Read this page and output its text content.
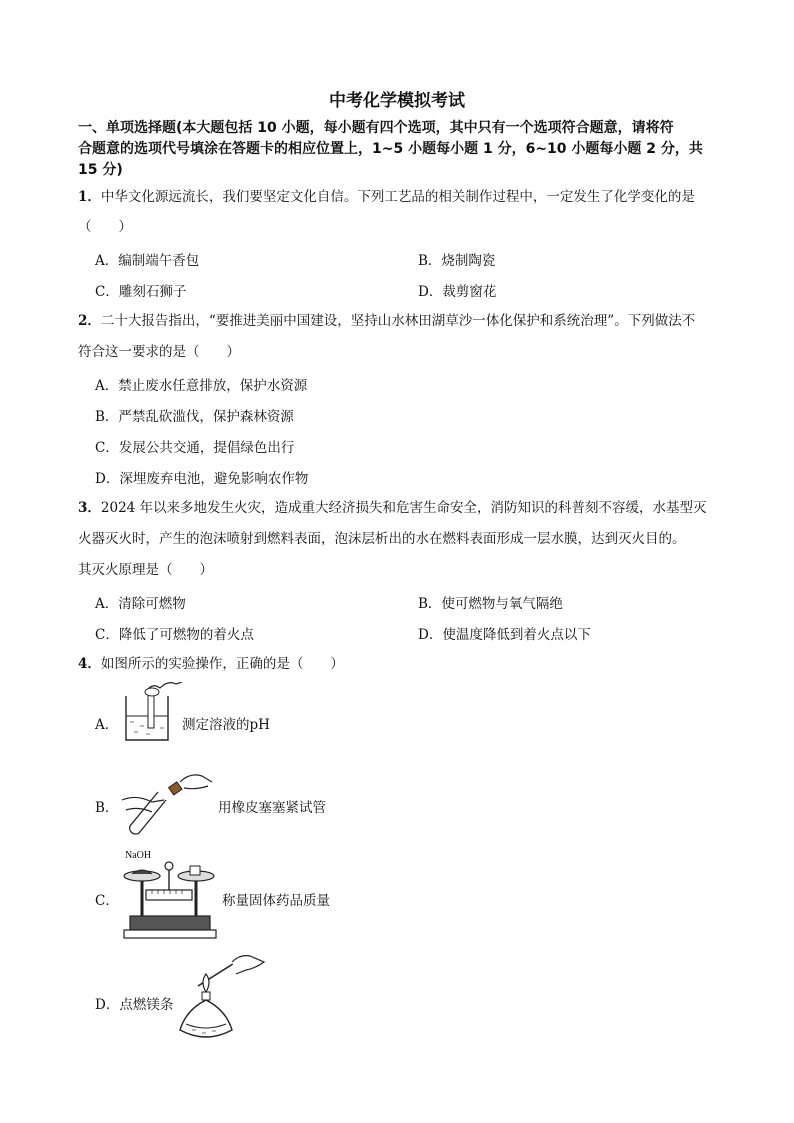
中考化学模拟考试
一、单项选择题(本大题包括 10 小题，每小题有四个选项，其中只有一个选项符合题意，请将符
合题意的选项代号填涂在答题卡的相应位置上，1~5 小题每小题 1 分，6~10 小题每小题 2 分，共
15 分)
1．中华文化源远流长，我们要坚定文化自信。下列工艺品的相关制作过程中，一定发生了化学变化的是
（　　）
A．编制端午香包	B．烧制陶瓷
C．雕刻石狮子	D．裁剪窗花
2．二十大报告指出，“要推进美丽中国建设，坚持山水林田湖草沙一体化保护和系统治理”。下列做法不
符合这一要求的是（　　）
A．禁止废水任意排放，保护水资源
B．严禁乱砍滥伐，保护森林资源
C．发展公共交通，提倡绿色出行
D．深埋废弃电池，避免影响农作物
3．2024 年以来多地发生火灾，造成重大经济损失和危害生命安全，消防知识的科普刻不容缓，水基型灭
火器灭火时，产生的泡沫喷射到燃料表面，泡沫层析出的水在燃料表面形成一层水膜，达到灭火目的。
其灭火原理是（　　）
A．清除可燃物	B．使可燃物与氧气隔绝
C．降低了可燃物的着火点	D．使温度降低到着火点以下
4．如图所示的实验操作，正确的是（　　）
A．	测定溶液的pH
B．	用橡皮塞塞紧试管
C．
NaOH
称量固体药品质量
D．点燃镁条
